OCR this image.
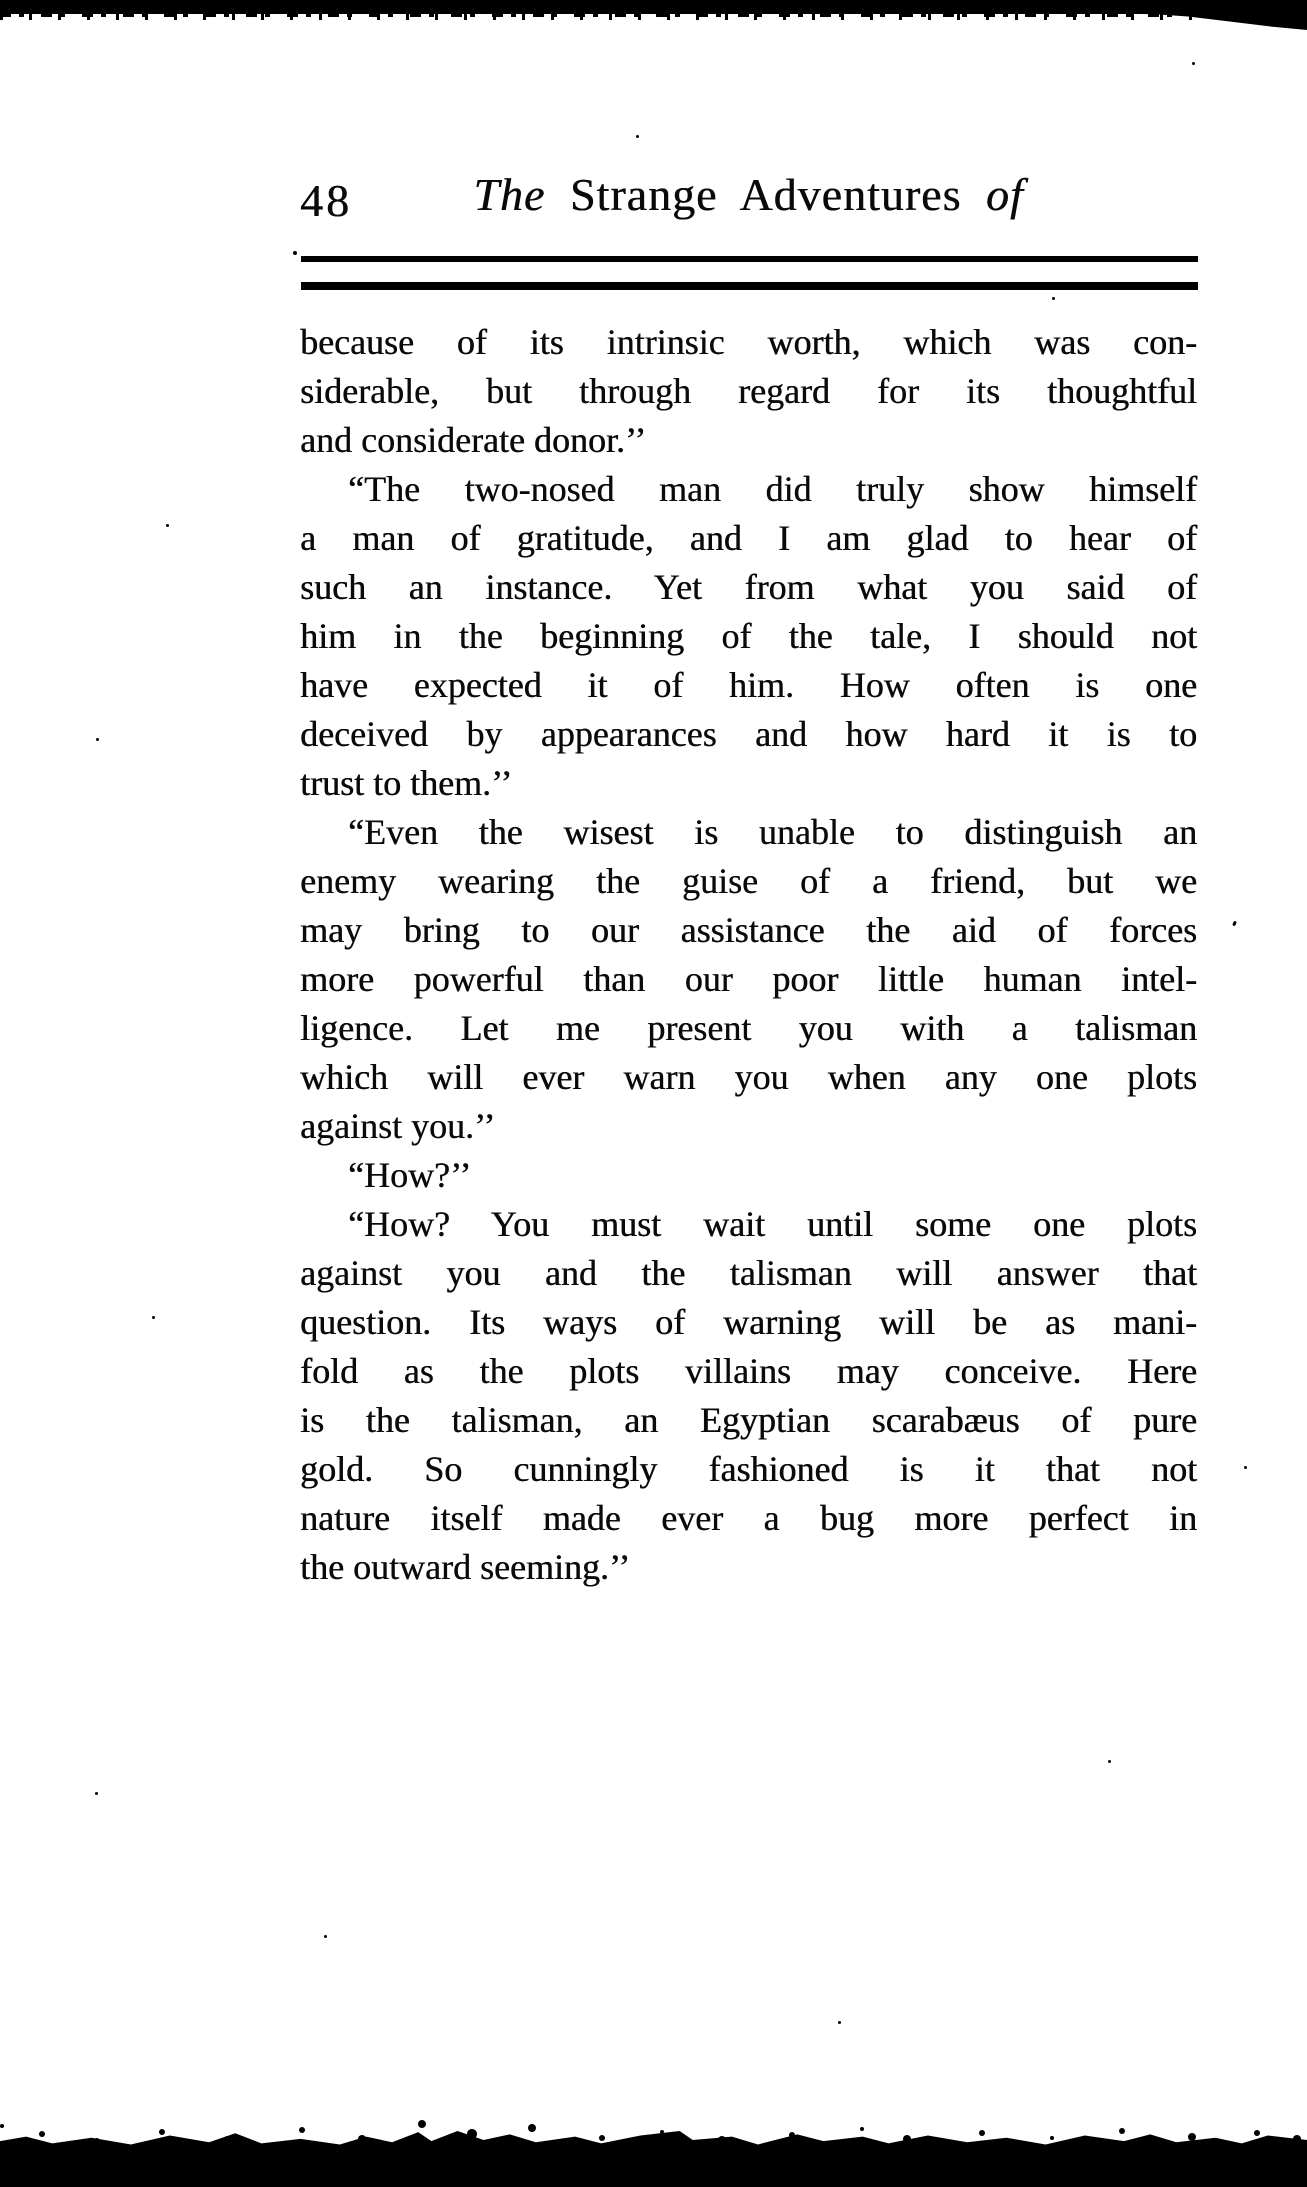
48	The Strange Adventures of
because of its intrinsic worth, which was con-
siderable, but through regard for its thoughtful
and considerate donor.’’
“The two-nosed man did truly show himself
a man of gratitude, and I am glad to hear of
such an instance. Yet from what you said of
him in the beginning of the tale, I should not
have expected it of him. How often is one
deceived by appearances and how hard it is to
trust to them.’’
“Even the wisest is unable to distinguish an
enemy wearing the guise of a friend, but we
may bring to our assistance the aid of forces
more powerful than our poor little human intel-
ligence. Let me present you with a talisman
which will ever warn you when any one plots
against you.’’
“How?’’
“How? You must wait until some one plots
against you and the talisman will answer that
question. Its ways of warning will be as mani-
fold as the plots villains may conceive. Here
is the talisman, an Egyptian scarabæus of pure
gold. So cunningly fashioned is it that not
nature itself made ever a bug more perfect in
the outward seeming.’’
